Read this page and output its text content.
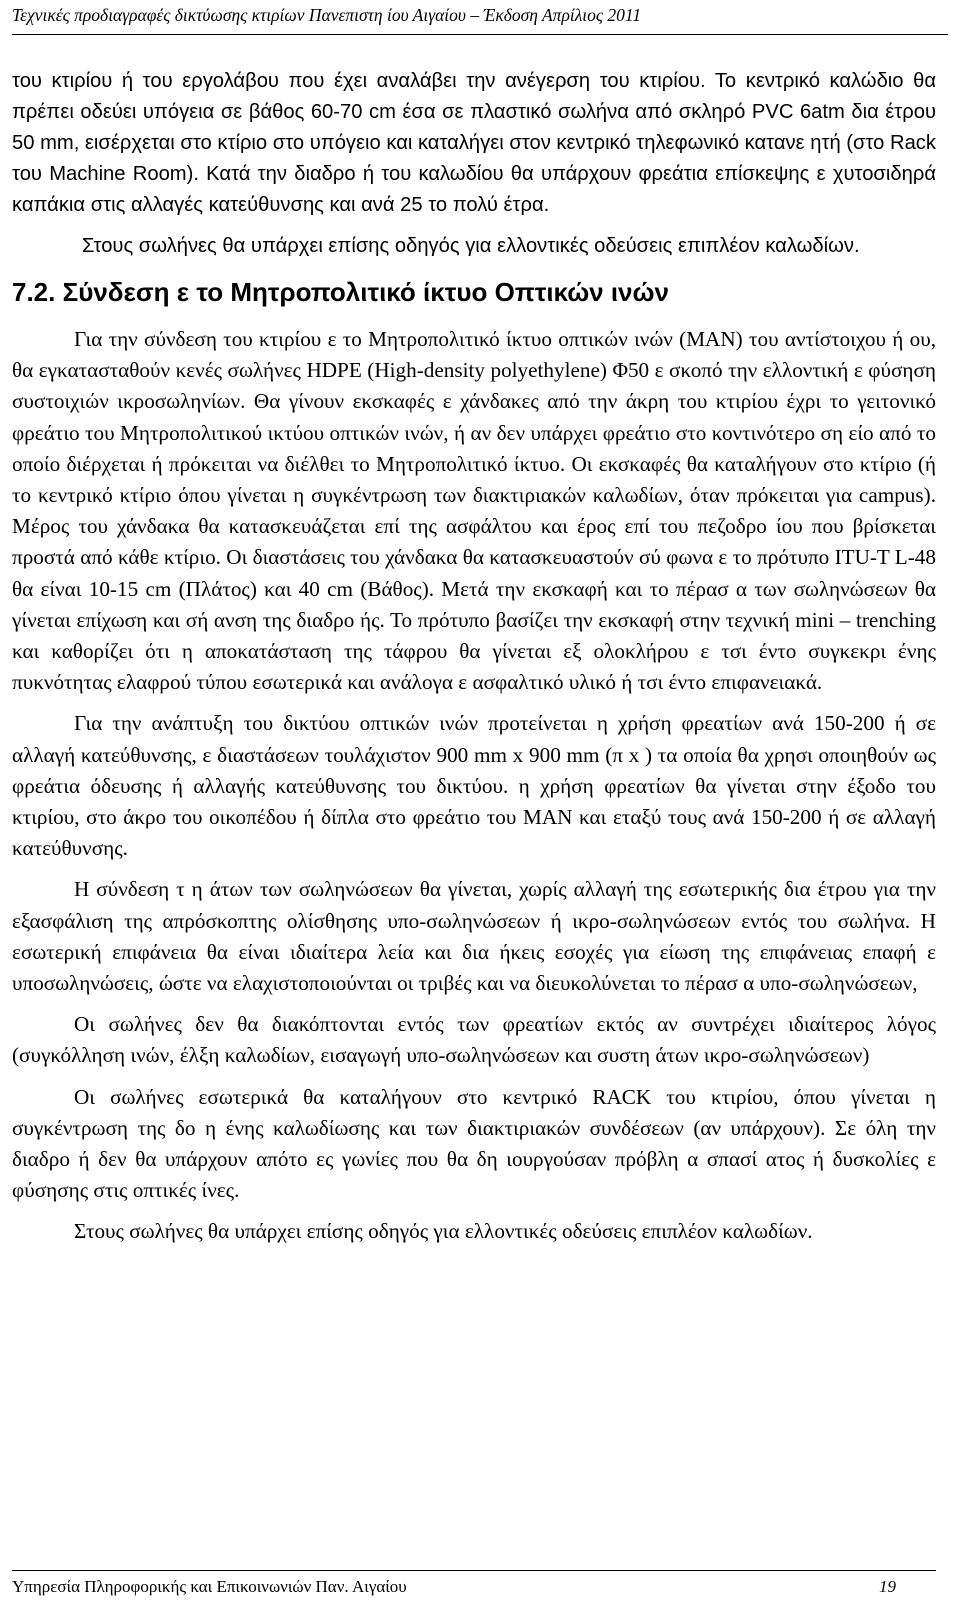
Τεχνικές προδιαγραφές δικτύωσης κτιρίων Πανεπιστη ίου Αιγαίου – Έκδοση Απρίλιος 2011

του κτιρίου ή του εργολάβου που έχει αναλάβει την ανέγερση του κτιρίου. Το κεντρικό καλώδιο θα πρέπει οδεύει υπόγεια σε βάθος 60-70 cm έσα σε πλαστικό σωλήνα από σκληρό PVC 6atm δια έτρου 50 mm, εισέρχεται στο κτίριο στο υπόγειο και καταλήγει στον κεντρικό τηλεφωνικό κατανε ητή (στο Rack του Machine Room). Κατά την διαδρο ή του καλωδίου θα υπάρχουν φρεάτια επίσκεψης ε χυτοσιδηρά καπάκια στις αλλαγές κατεύθυνσης και ανά 25 το πολύ έτρα.

Στους σωλήνες θα υπάρχει επίσης οδηγός για ελλοντικές οδεύσεις επιπλέον καλωδίων.

7.2. Σύνδεση ε το Μητροπολιτικό ίκτυο Οπτικών ινών

Για την σύνδεση του κτιρίου ε το Μητροπολιτικό ίκτυο οπτικών ινών (MAN) του αντίστοιχου ή ου, θα εγκατασταθούν κενές σωλήνες HDPE (High-density polyethylene) Φ50 ε σκοπό την ελλοντική ε φύσηση συστοιχιών ικροσωληνίων. Θα γίνουν εκσκαφές ε χάνδακες από την άκρη του κτιρίου έχρι το γειτονικό φρεάτιο του Μητροπολιτικού ικτύου οπτικών ινών, ή αν δεν υπάρχει φρεάτιο στο κοντινότερο ση είο από το οποίο διέρχεται ή πρόκειται να διέλθει το Μητροπολιτικό ίκτυο. Οι εκσκαφές θα καταλήγουν στο κτίριο (ή το κεντρικό κτίριο όπου γίνεται η συγκέντρωση των διακτιριακών καλωδίων, όταν πρόκειται για campus). Μέρος του χάνδακα θα κατασκευάζεται επί της ασφάλτου και έρος επί του πεζοδρο ίου που βρίσκεται προστά από κάθε κτίριο. Οι διαστάσεις του χάνδακα θα κατασκευαστούν σύ φωνα ε το πρότυπο ITU-T L-48 θα είναι 10-15 cm (Πλάτος) και 40 cm (Βάθος). Μετά την εκσκαφή και το πέρασ α των σωληνώσεων θα γίνεται επίχωση και σή ανση της διαδρο ής. Το πρότυπο βασίζει την εκσκαφή στην τεχνική mini – trenching και καθορίζει ότι η αποκατάσταση της τάφρου θα γίνεται εξ ολοκλήρου ε τσι έντο συγκεκρι ένης πυκνότητας ελαφρού τύπου εσωτερικά και ανάλογα ε ασφαλτικό υλικό ή τσι έντο επιφανειακά.

Για την ανάπτυξη του δικτύου οπτικών ινών προτείνεται η χρήση φρεατίων ανά 150-200 ή σε αλλαγή κατεύθυνσης, ε διαστάσεων τουλάχιστον 900 mm x 900 mm (π x ) τα οποία θα χρησι οποιηθούν ως φρεάτια όδευσης ή αλλαγής κατεύθυνσης του δικτύου. η χρήση φρεατίων θα γίνεται στην έξοδο του κτιρίου, στο άκρο του οικοπέδου ή δίπλα στο φρεάτιο του MAN και εταξύ τους ανά 150-200 ή σε αλλαγή κατεύθυνσης.

Η σύνδεση τ η άτων των σωληνώσεων θα γίνεται, χωρίς αλλαγή της εσωτερικής δια έτρου για την εξασφάλιση της απρόσκοπτης ολίσθησης υπο-σωληνώσεων ή ικρο-σωληνώσεων εντός του σωλήνα. Η εσωτερική επιφάνεια θα είναι ιδιαίτερα λεία και δια ήκεις εσοχές για είωση της επιφάνειας επαφή ε υποσωληνώσεις, ώστε να ελαχιστοποιούνται οι τριβές και να διευκολύνεται το πέρασ α υπο-σωληνώσεων,

Οι σωλήνες δεν θα διακόπτονται εντός των φρεατίων εκτός αν συντρέχει ιδιαίτερος λόγος (συγκόλληση ινών, έλξη καλωδίων, εισαγωγή υπο-σωληνώσεων και συστη άτων ικρο-σωληνώσεων)

Οι σωλήνες εσωτερικά θα καταλήγουν στο κεντρικό RACK του κτιρίου, όπου γίνεται η συγκέντρωση της δο η ένης καλωδίωσης και των διακτιριακών συνδέσεων (αν υπάρχουν). Σε όλη την διαδρο ή δεν θα υπάρχουν απότο ες γωνίες που θα δη ιουργούσαν πρόβλη α σπασί ατος ή δυσκολίες ε φύσησης στις οπτικές ίνες.

Στους σωλήνες θα υπάρχει επίσης οδηγός για ελλοντικές οδεύσεις επιπλέον καλωδίων.

Υπηρεσία Πληροφορικής και Επικοινωνιών Παν. Αιγαίου	19
